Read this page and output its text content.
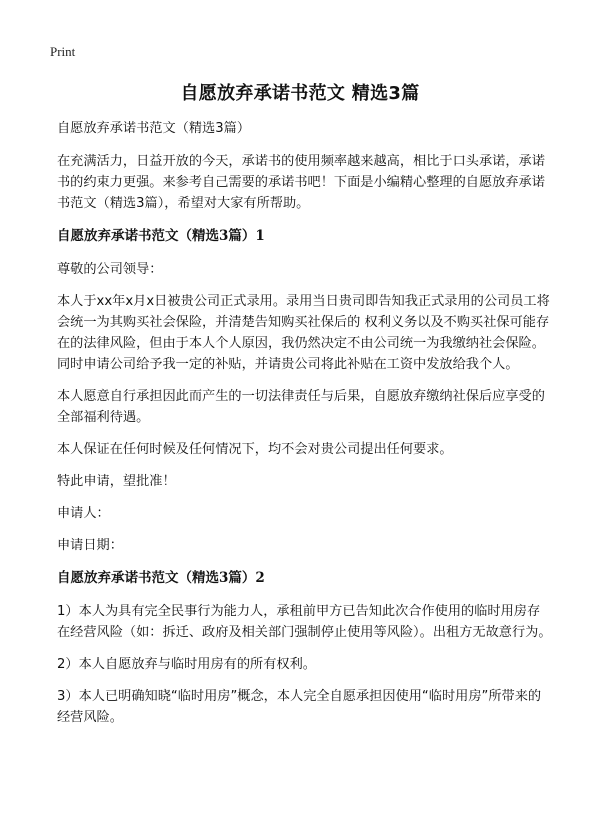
Print
自愿放弃承诺书范文 精选3篇

自愿放弃承诺书范文（精选3篇）

在充满活力，日益开放的今天，承诺书的使用频率越来越高，相比于口头承诺，承诺书的约束力更强。来参考自己需要的承诺书吧！下面是小编精心整理的自愿放弃承诺书范文（精选3篇），希望对大家有所帮助。

自愿放弃承诺书范文（精选3篇）1

尊敬的公司领导：

本人于xx年x月x日被贵公司正式录用。录用当日贵司即告知我正式录用的公司员工将会统一为其购买社会保险，并清楚告知购买社保后的 权利义务以及不购买社保可能存在的法律风险，但由于本人个人原因，我仍然决定不由公司统一为我缴纳社会保险。同时申请公司给予我一定的补贴，并请贵公司将此补贴在工资中发放给我个人。

本人愿意自行承担因此而产生的一切法律责任与后果，自愿放弃缴纳社保后应享受的全部福利待遇。

本人保证在任何时候及任何情况下，均不会对贵公司提出任何要求。

特此申请，望批准！

申请人：

申请日期：

自愿放弃承诺书范文（精选3篇）2

1）本人为具有完全民事行为能力人，承租前甲方已告知此次合作使用的临时用房存在经营风险（如：拆迁、政府及相关部门强制停止使用等风险）。出租方无故意行为。

2）本人自愿放弃与临时用房有的所有权利。

3）本人已明确知晓“临时用房”概念，本人完全自愿承担因使用“临时用房”所带来的经营风险。
